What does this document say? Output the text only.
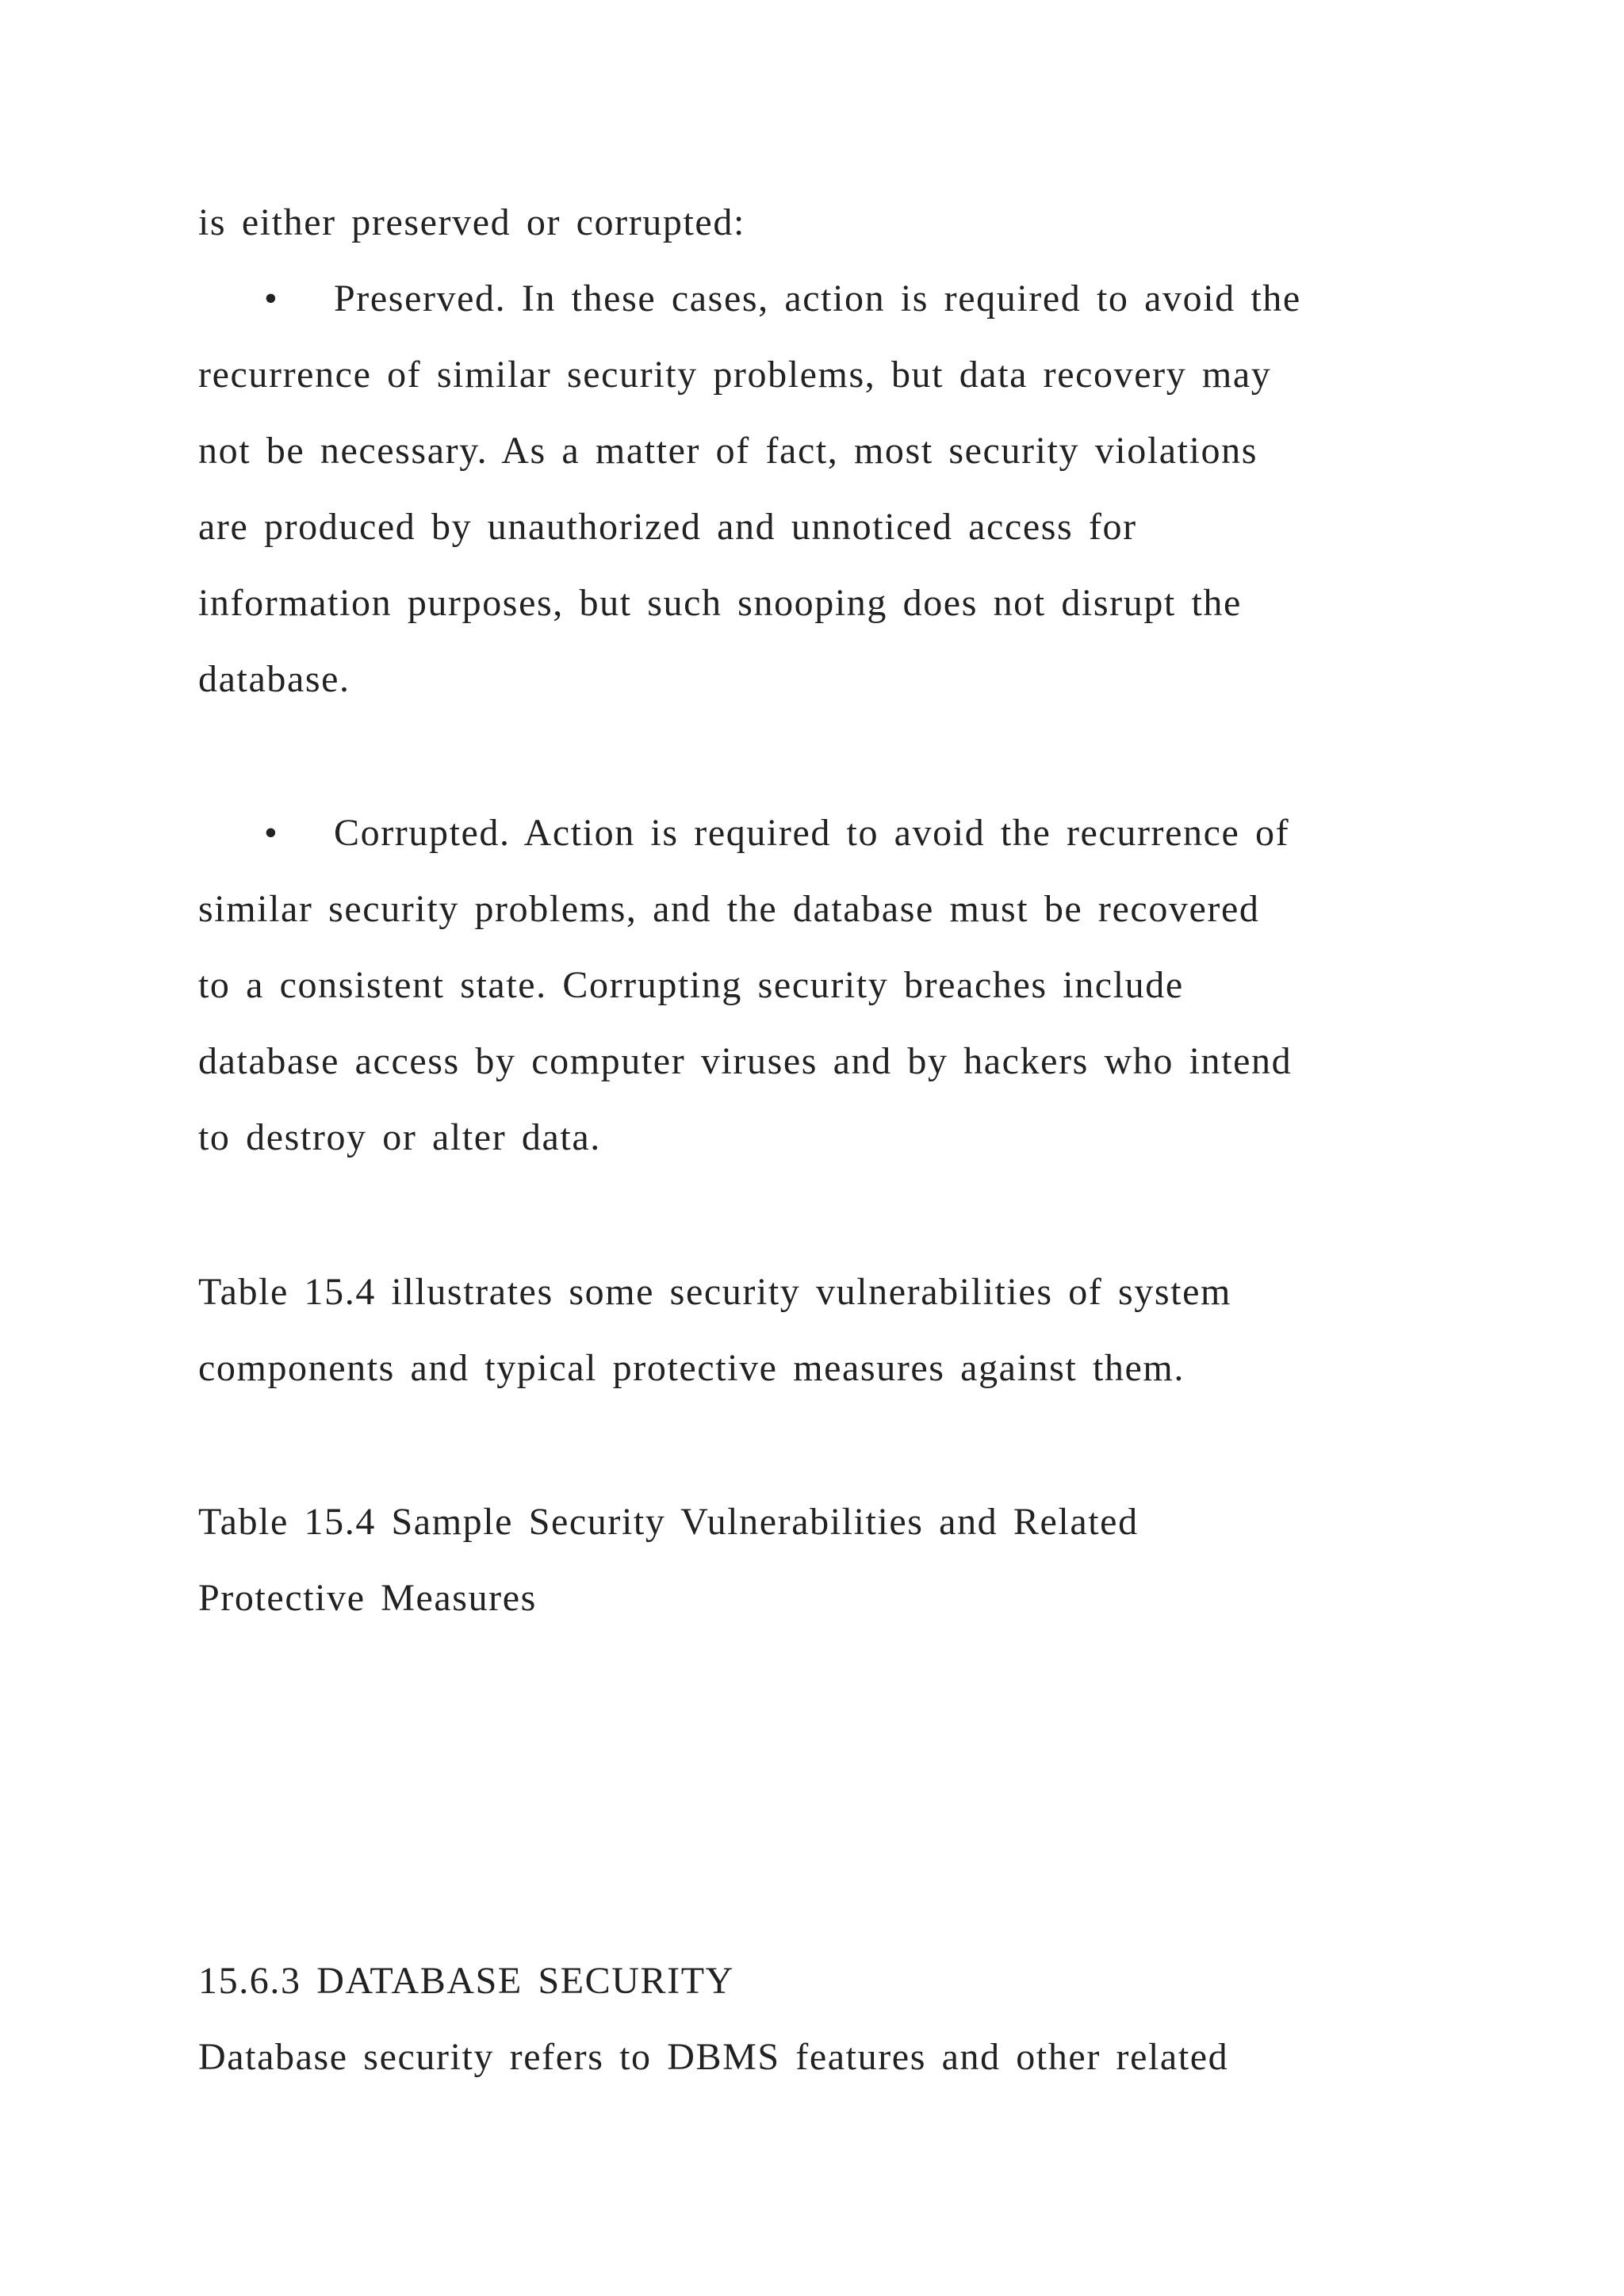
is either preserved or corrupted:
• Preserved. In these cases, action is required to avoid the
recurrence of similar security problems, but data recovery may
not be necessary. As a matter of fact, most security violations
are produced by unauthorized and unnoticed access for
information purposes, but such snooping does not disrupt the
database.
• Corrupted. Action is required to avoid the recurrence of
similar security problems, and the database must be recovered
to a consistent state. Corrupting security breaches include
database access by computer viruses and by hackers who intend
to destroy or alter data.
Table 15.4 illustrates some security vulnerabilities of system
components and typical protective measures against them.
Table 15.4 Sample Security Vulnerabilities and Related
Protective Measures
15.6.3 DATABASE SECURITY
Database security refers to DBMS features and other related
